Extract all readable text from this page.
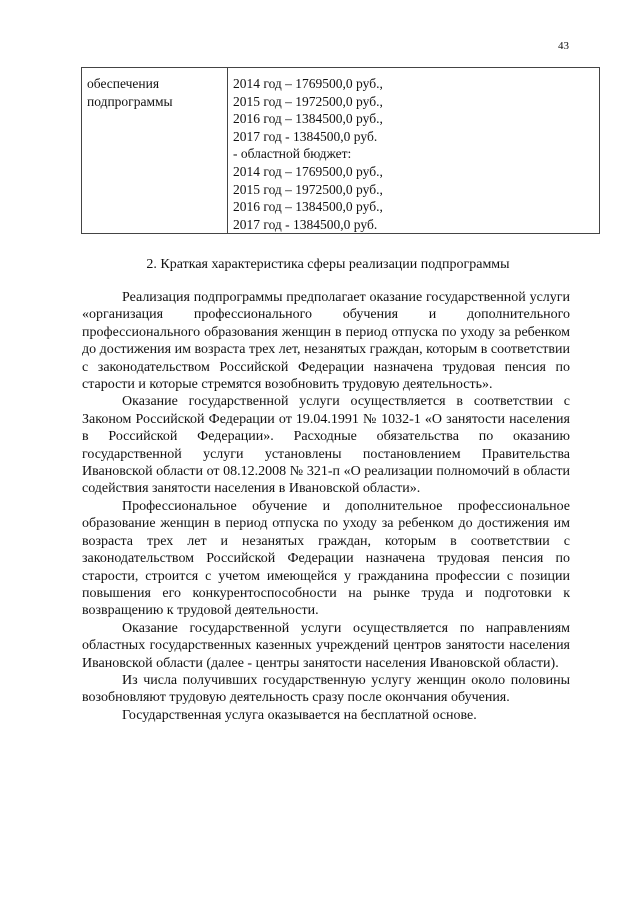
43
обеспечения
подпрограммы
2014 год – 1769500,0 руб.,
2015 год – 1972500,0 руб.,
2016 год – 1384500,0 руб.,
2017 год - 1384500,0 руб.
- областной бюджет:
2014 год – 1769500,0 руб.,
2015 год – 1972500,0 руб.,
2016 год – 1384500,0 руб.,
2017 год - 1384500,0 руб.
2. Краткая характеристика сферы реализации подпрограммы

Реализация подпрограммы предполагает оказание государственной услуги «организация профессионального обучения и дополнительного профессионального образования женщин в период отпуска по уходу за ребенком до достижения им возраста трех лет, незанятых граждан, которым в соответствии с законодательством Российской Федерации назначена трудовая пенсия по старости и которые стремятся возобновить трудовую деятельность».

Оказание государственной услуги осуществляется в соответствии с Законом Российской Федерации от 19.04.1991 № 1032-1 «О занятости населения в Российской Федерации». Расходные обязательства по оказанию государственной услуги установлены постановлением Правительства Ивановской области от 08.12.2008 № 321-п «О реализации полномочий в области содействия занятости населения в Ивановской области».

Профессиональное обучение и дополнительное профессиональное образование женщин в период отпуска по уходу за ребенком до достижения им возраста трех лет и незанятых граждан, которым в соответствии с законодательством Российской Федерации назначена трудовая пенсия по старости, строится с учетом имеющейся у гражданина профессии с позиции повышения его конкурентоспособности на рынке труда и подготовки к возвращению к трудовой деятельности.

Оказание государственной услуги осуществляется по направлениям областных государственных казенных учреждений центров занятости населения Ивановской области (далее - центры занятости населения Ивановской области).

Из числа получивших государственную услугу женщин около половины возобновляют трудовую деятельность сразу после окончания обучения.

Государственная услуга оказывается на бесплатной основе.
